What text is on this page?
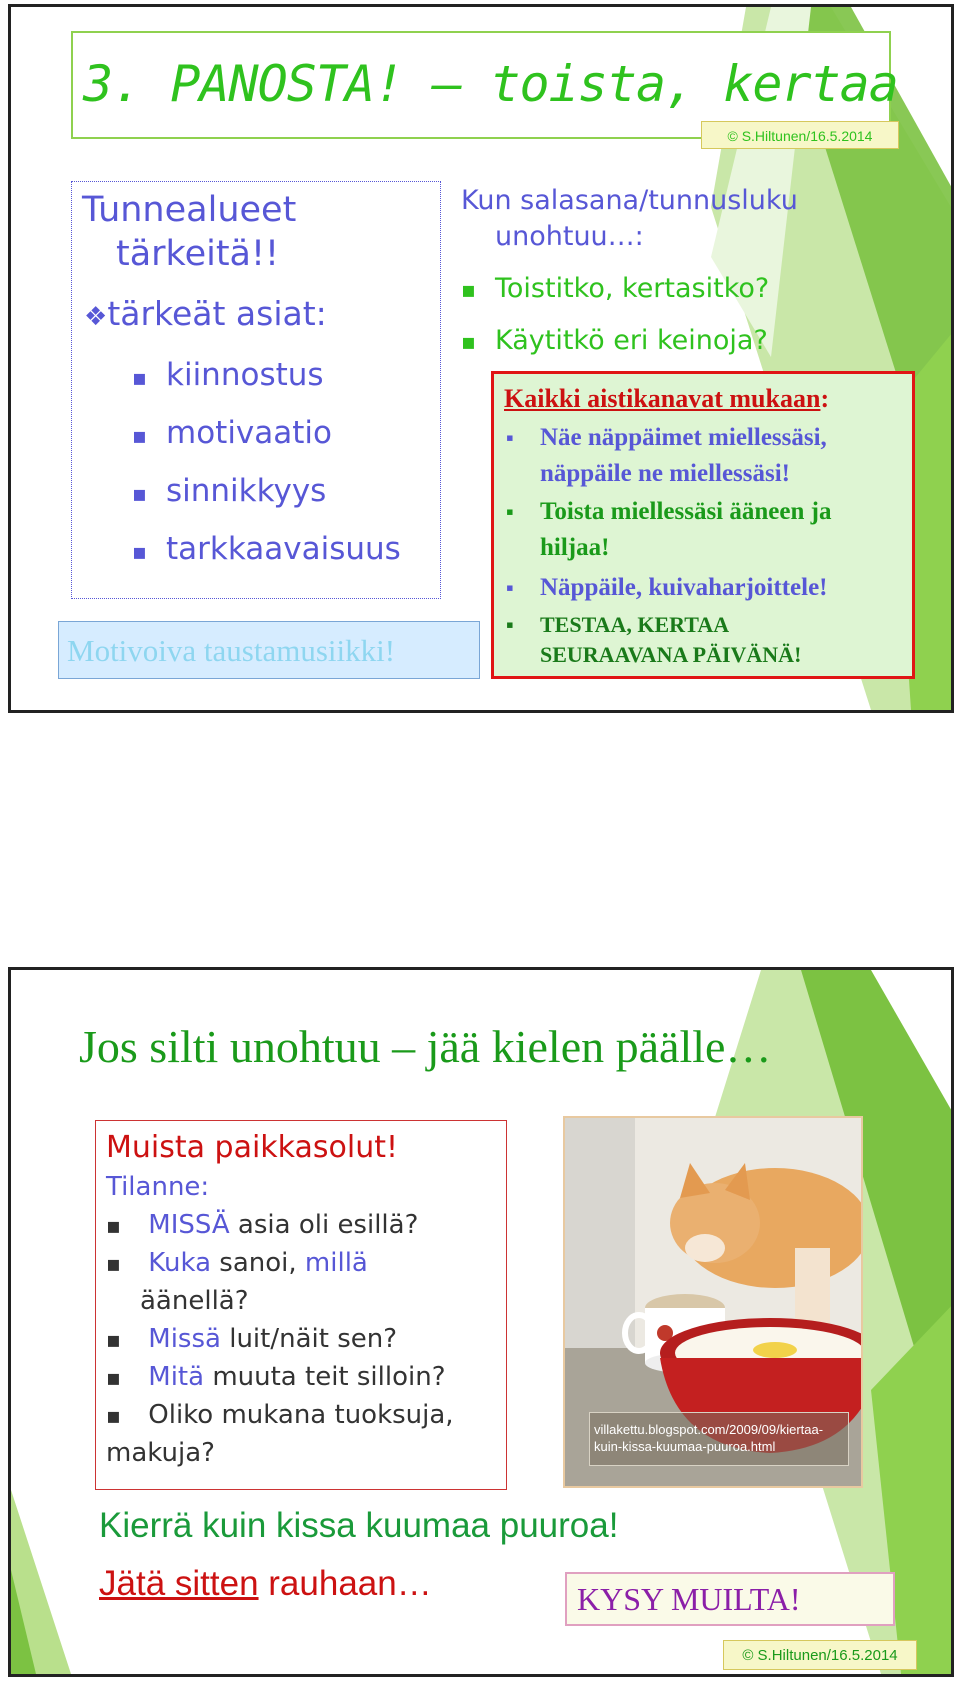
3. PANOSTA! – toista, kertaa
© S.Hiltunen/16.5.2014
Tunnealueet
tärkeitä!!
❖tärkeät asiat:
▪ kiinnostus
▪ motivaatio
▪ sinnikkyys
▪ tarkkaavaisuus
Motivoiva taustamusiikki!
Kun salasana/tunnusluku
unohtuu…:
▪ Toistitko, kertasitko?
▪ Käytitkö eri keinoja?
Kaikki aistikanavat mukaan:
▪ Näe näppäimet miellessäsi,
näppäile ne miellessäsi!
▪ Toista miellessäsi ääneen ja
hiljaa!
▪ Näppäile, kuivaharjoittele!
▪ TESTAA, KERTAA
SEURAAVANA PÄIVÄNÄ!
Jos silti unohtuu – jää kielen päälle…
Muista paikkasolut!
Tilanne:
▪ MISSÄ asia oli esillä?
▪ Kuka sanoi, millä
äänellä?
▪ Missä luit/näit sen?
▪ Mitä muuta teit silloin?
▪ Oliko mukana tuoksuja,
makuja?
villakettu.blogspot.com/2009/09/kiertaa-
kuin-kissa-kuumaa-puuroa.html
Kierrä kuin kissa kuumaa puuroa!
Jätä sitten rauhaan…	KYSY MUILTA!
© S.Hiltunen/16.5.2014
